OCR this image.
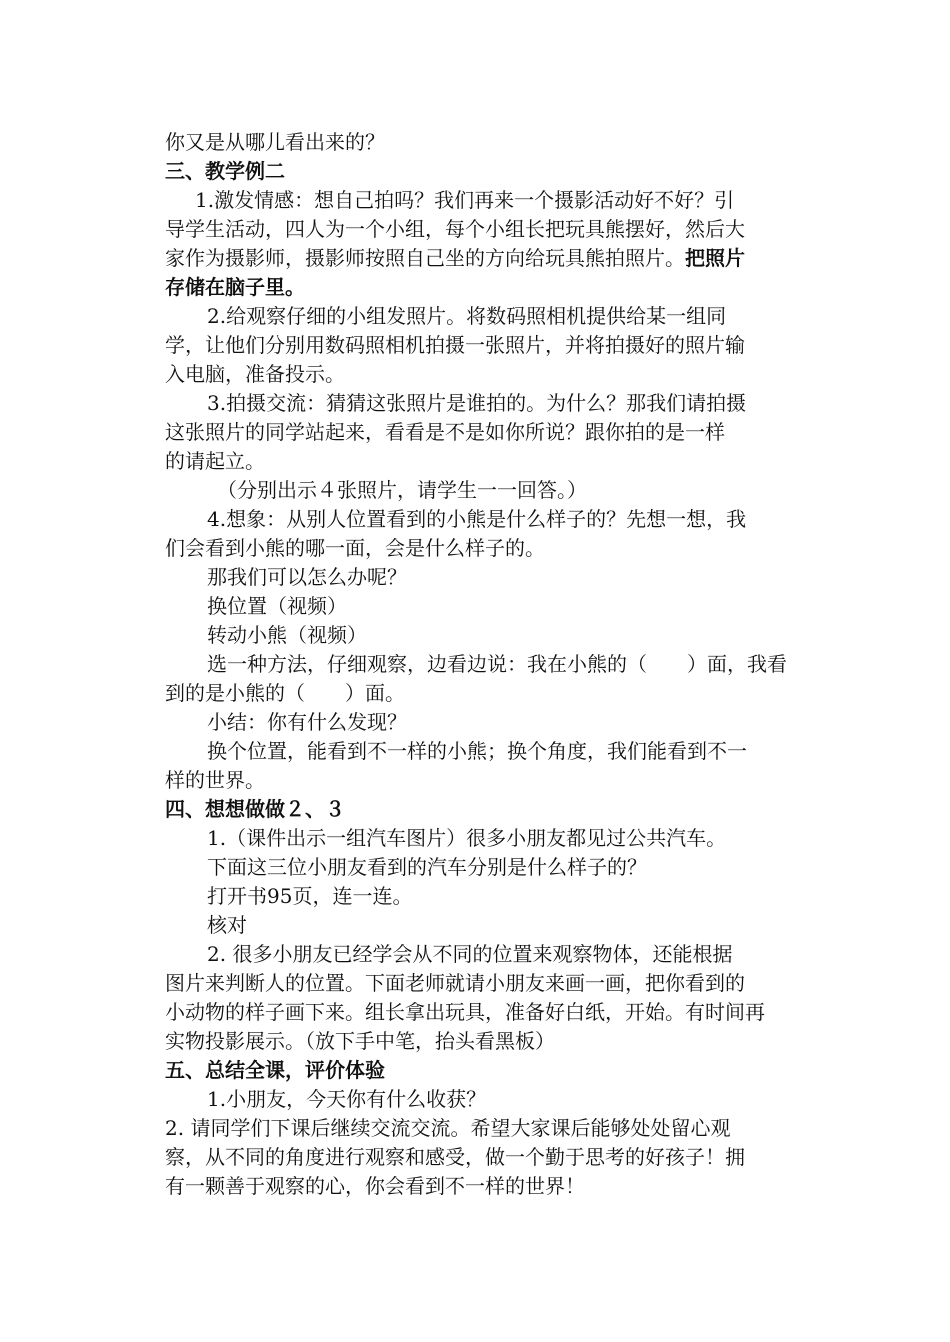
你又是从哪儿看出来的？
三、教学例二
1.激发情感：想自己拍吗？我们再来一个摄影活动好不好？引
导学生活动，四人为一个小组，每个小组长把玩具熊摆好，然后大
家作为摄影师，摄影师按照自己坐的方向给玩具熊拍照片。把照片
存储在脑子里。
2.给观察仔细的小组发照片。将数码照相机提供给某一组同
学，让他们分别用数码照相机拍摄一张照片，并将拍摄好的照片输
入电脑，准备投示。
3.拍摄交流：猜猜这张照片是谁拍的。为什么？那我们请拍摄
这张照片的同学站起来，看看是不是如你所说？跟你拍的是一样
的请起立。
（分别出示４张照片，请学生一一回答。）
4.想象：从别人位置看到的小熊是什么样子的？先想一想，我
们会看到小熊的哪一面，会是什么样子的。
那我们可以怎么办呢？
换位置（视频）
转动小熊（视频）
选一种方法，仔细观察，边看边说：我在小熊的（　　）面，我看
到的是小熊的（　　）面。
小结：你有什么发现？
换个位置，能看到不一样的小熊；换个角度，我们能看到不一
样的世界。
四、想想做做２、３
1.（课件出示一组汽车图片）很多小朋友都见过公共汽车。
下面这三位小朋友看到的汽车分别是什么样子的？
打开书95页，连一连。
核对
2. 很多小朋友已经学会从不同的位置来观察物体，还能根据
图片来判断人的位置。下面老师就请小朋友来画一画，把你看到的
小动物的样子画下来。组长拿出玩具，准备好白纸，开始。有时间再
实物投影展示。（放下手中笔，抬头看黑板）
五、总结全课，评价体验
1.小朋友，今天你有什么收获？
2. 请同学们下课后继续交流交流。希望大家课后能够处处留心观
察，从不同的角度进行观察和感受，做一个勤于思考的好孩子！拥
有一颗善于观察的心，你会看到不一样的世界！
